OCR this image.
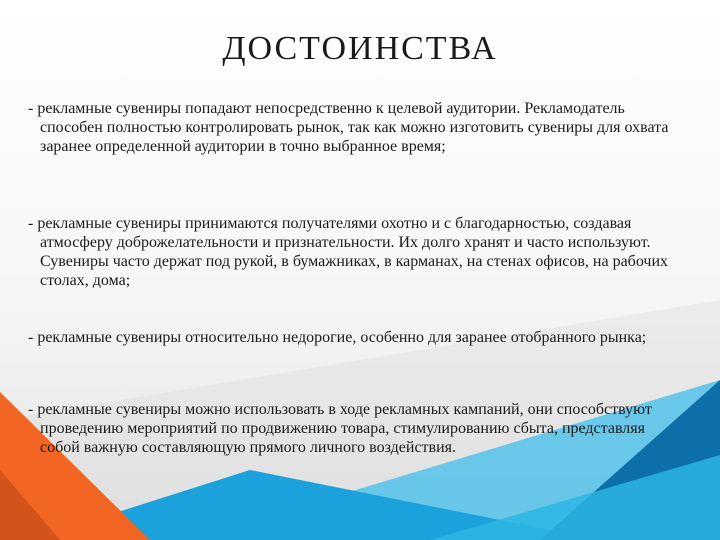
ДОСТОИНСТВА
- рекламные сувениры попадают непосредственно к целевой аудитории. Рекламодатель способен полностью контролировать рынок, так как можно изготовить сувениры для охвата заранее определенной аудитории в точно выбранное время;
- рекламные сувениры принимаются получателями охотно и с благодарностью, создавая атмосферу доброжелательности и признательности. Их долго хранят и часто используют. Сувениры часто держат под рукой, в бумажниках, в карманах, на стенах офисов, на рабочих столах, дома;
- рекламные сувениры относительно недорогие, особенно для заранее отобранного рынка;
- рекламные сувениры можно использовать в ходе рекламных кампаний, они способствуют проведению мероприятий по продвижению товара, стимулированию сбыта, представляя собой важную составляющую прямого личного воздействия.
